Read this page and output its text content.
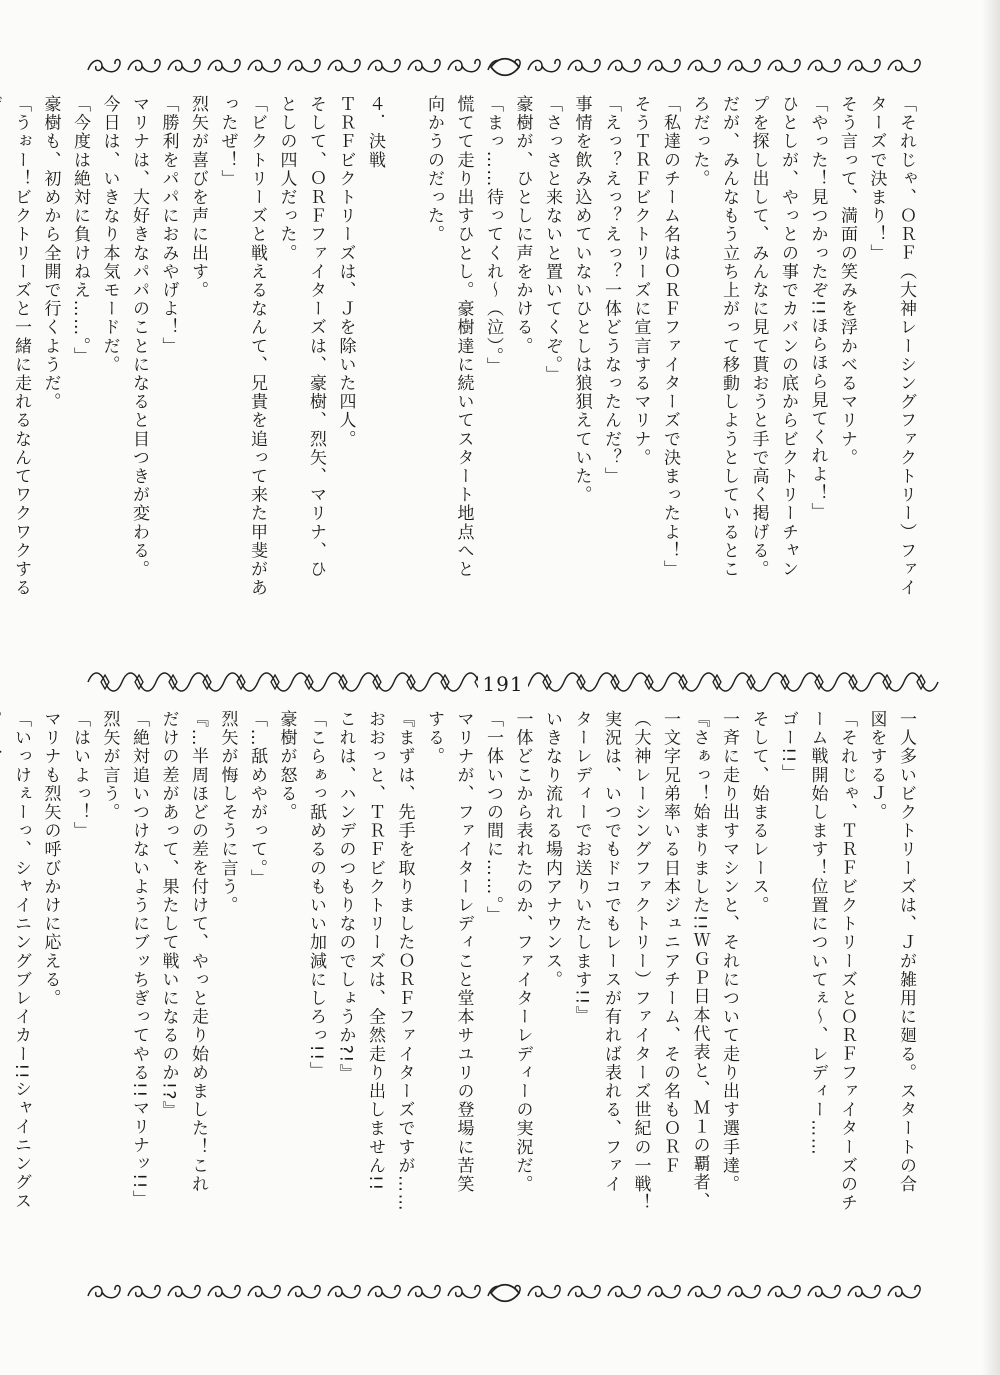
191
「それじゃ、ＯＲＦ（大神レーシングファクトリー）ファイ
ターズで決まり！」
そう言って、満面の笑みを浮かべるマリナ。
「やった！見つかったぞ!!ほらほら見てくれよ！」
ひとしが、やっとの事でカバンの底からビクトリーチャン
プを探し出して、みんなに見て貰おうと手で高く掲げる。
だが、みんなもう立ち上がって移動しようとしているとこ
ろだった。
「私達のチーム名はＯＲＦファイターズで決まったよ！」
そうＴＲＦビクトリーズに宣言するマリナ。
「えっ？えっ？えっ？一体どうなったんだ？」
事情を飲み込めていないひとしは狼狽えていた。
「さっさと来ないと置いてくぞ。」
豪樹が、ひとしに声をかける。
「まっ……待ってくれ～（泣）。」
慌てて走り出すひとし。豪樹達に続いてスタート地点へと
向かうのだった。

４．決戦
ＴＲＦビクトリーズは、Ｊを除いた四人。
そして、ＯＲＦファイターズは、豪樹、烈矢、マリナ、ひ
としの四人だった。
「ビクトリーズと戦えるなんて、兄貴を追って来た甲斐があ
ったぜ！」
烈矢が喜びを声に出す。
「勝利をパパにおみやげよ！」
マリナは、大好きなパパのことになると目つきが変わる。
今日は、いきなり本気モードだ。
「今度は絶対に負けねえ……。」
豪樹も、初めから全開で行くようだ。
「うぉー！ビクトリーズと一緒に走れるなんてワクワクする

一人多いビクトリーズは、Ｊが雑用に廻る。スタートの合
図をするＪ。
「それじゃ、ＴＲＦビクトリーズとＯＲＦファイターズのチ
ーム戦開始します！位置についてぇ～、レディー……
ゴー!!」
そして、始まるレース。
一斉に走り出すマシンと、それについて走り出す選手達。
『さぁっ！始まりました!!ＷＧＰ日本代表と、Ｍ１の覇者、
一文字兄弟率いる日本ジュニアチーム、その名もＯＲＦ
（大神レーシングファクトリー）ファイターズ世紀の一戦！
実況は、いつでもドコでもレースが有れば表れる、ファイ
ターレディーでお送りいたします!!』
いきなり流れる場内アナウンス。
一体どこから表れたのか、ファイターレディーの実況だ。
「一体いつの間に……。」
マリナが、ファイターレディこと堂本サユリの登場に苦笑
する。
『まずは、先手を取りましたＯＲＦファイターズですが……
おおっと、ＴＲＦビクトリーズは、全然走り出しません!!
これは、ハンデのつもりなのでしょうか?!』
「こらぁっ舐めるのもいい加減にしろっ!!」
豪樹が怒る。
「…舐めやがって。」
烈矢が悔しそうに言う。
『…半周ほどの差を付けて、やっと走り始めました！これ
だけの差があって、果たして戦いになるのか!?』
「絶対追いつけないようにブッちぎってやる!!マリナッ!!」
烈矢が言う。
「はいよっ！」
マリナも烈矢の呼びかけに応える。
「いっけぇーっ、シャイニングブレイカー!!シャイニングス
